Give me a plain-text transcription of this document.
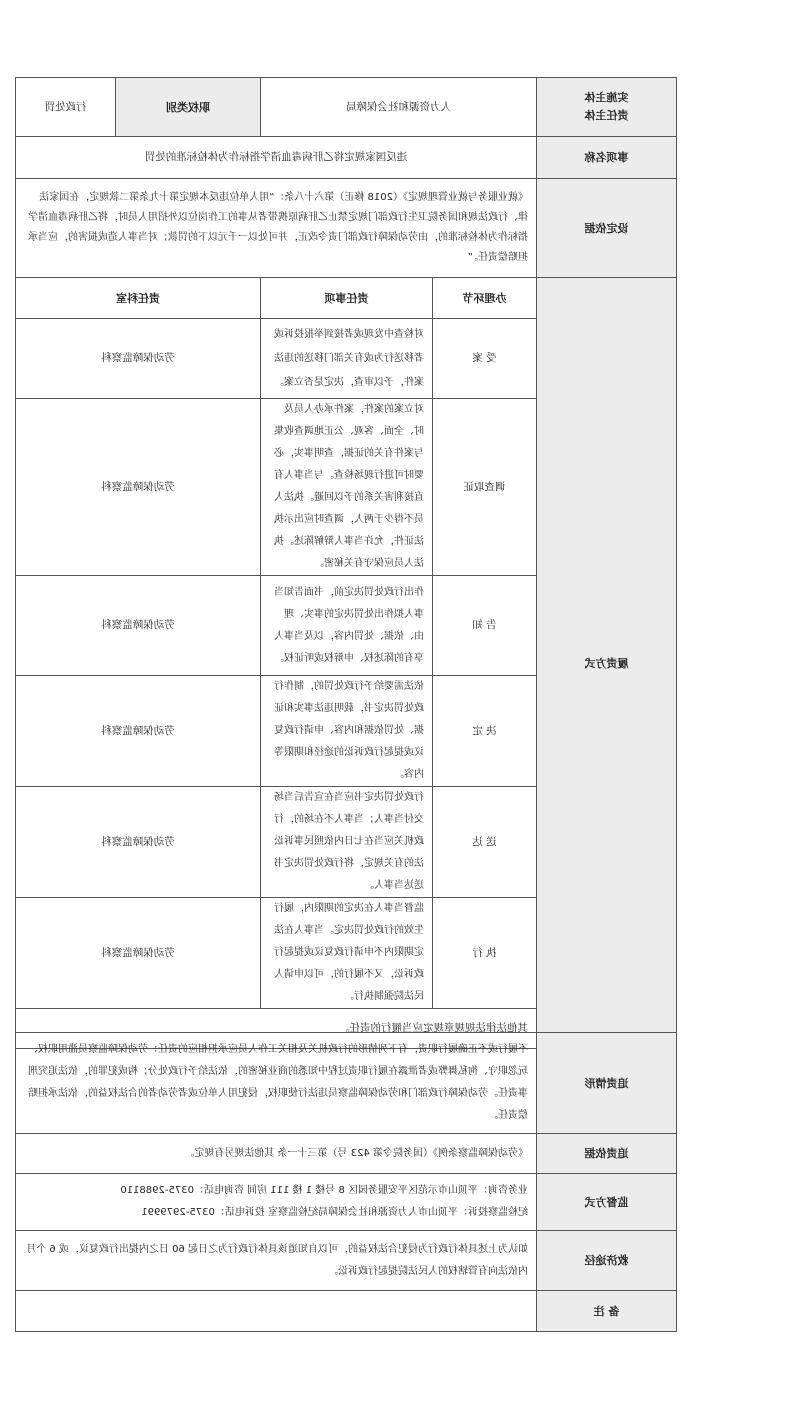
实施主体
责任主体	人力资源和社会保障局		职权类别	行政处罚
事项名称	违反国家规定将乙肝病毒血清学指标作为体检标准的处罚			
设定依据	《就业服务与就业管理规定》（2018 修正）第六十八条：“用人单位违反本规定第十九条第二款规定，在国家法律、行政法规和国务院卫生行政部门规定禁止乙肝病原携带者从事的工作岗位以外招用人员时，将乙肝病毒血清学指标作为体检标准的，由劳动保障行政部门责令改正，并可处以一千元以下的罚款；对当事人造成损害的，应当承担赔偿责任。”			
履责方式	办理环节	责任事项	责任科室	
	受 案	对检查中发现或者接到举报投诉或者移送行为或有关部门移送的违法案件，予以审查，决定是否立案。	劳动保障监察科	
	调查取证	对立案的案件，案件承办人员及时、全面、客观、公正地调查收集与案件有关的证据，查明事实，必要时可进行现场检查。与当事人有直接利害关系的予以回避。执法人员不得少于两人，调查时应出示执法证件，允许当事人辩解陈述。执法人员应保守有关秘密。	劳动保障监察科	
	告 知	作出行政处罚决定前，书面告知当事人拟作出处罚决定的事实、理由、依据、处罚内容，以及当事人享有的陈述权、申辩权或听证权。	劳动保障监察科	
	决 定	依法需要给予行政处罚的，制作行政处罚决定书，载明违法事实和证据、处罚依据和内容、申请行政复议或提起行政诉讼的途径和期限等内容。	劳动保障监察科	
	送 达	行政处罚决定书应当在宣告后当场交付当事人；当事人不在场的，行政机关应当在七日内依照民事诉讼法的有关规定，将行政处罚决定书送达当事人。	劳动保障监察科	
	执 行	监督当事人在决定的期限内，履行生效的行政处罚决定。当事人在法定期限内不申请行政复议或提起行政诉讼，又不履行的，可以申请人民法院强制执行。	劳动保障监察科	
	其他法律法规规章规定应当履行的责任。			
追责情形	不履行或不正确履行职责，有下列情形的行政机关及相关工作人员应承担相应的责任：劳动保障监察员滥用职权、玩忽职守、徇私舞弊或者泄露在履行职责过程中知悉的商业秘密的，依法给予行政处分；构成犯罪的，依法追究刑事责任。劳动保障行政部门和劳动保障监察员违法行使职权，侵犯用人单位或者劳动者的合法权益的，依法承担赔偿责任。
追责依据	《劳动保障监察条例》（国务院令第 423 号）第三十一条 其他法规另有规定。
监督方式	业务咨询：平顶山市示范区平安服务园区 8 号楼 1 楼 111 房间 咨询电话：0375-2988110
纪检监察投诉：平顶山市人力资源和社会保障局纪检监察室 投诉电话：0375-2979991

救济途径	如认为上述具体行政行为侵犯合法权益的，可以自知道该具体行政行为之日起 60 日之内提出行政复议，或 6 个月内依法向有管辖权的人民法院提起行政诉讼。
备 注	
